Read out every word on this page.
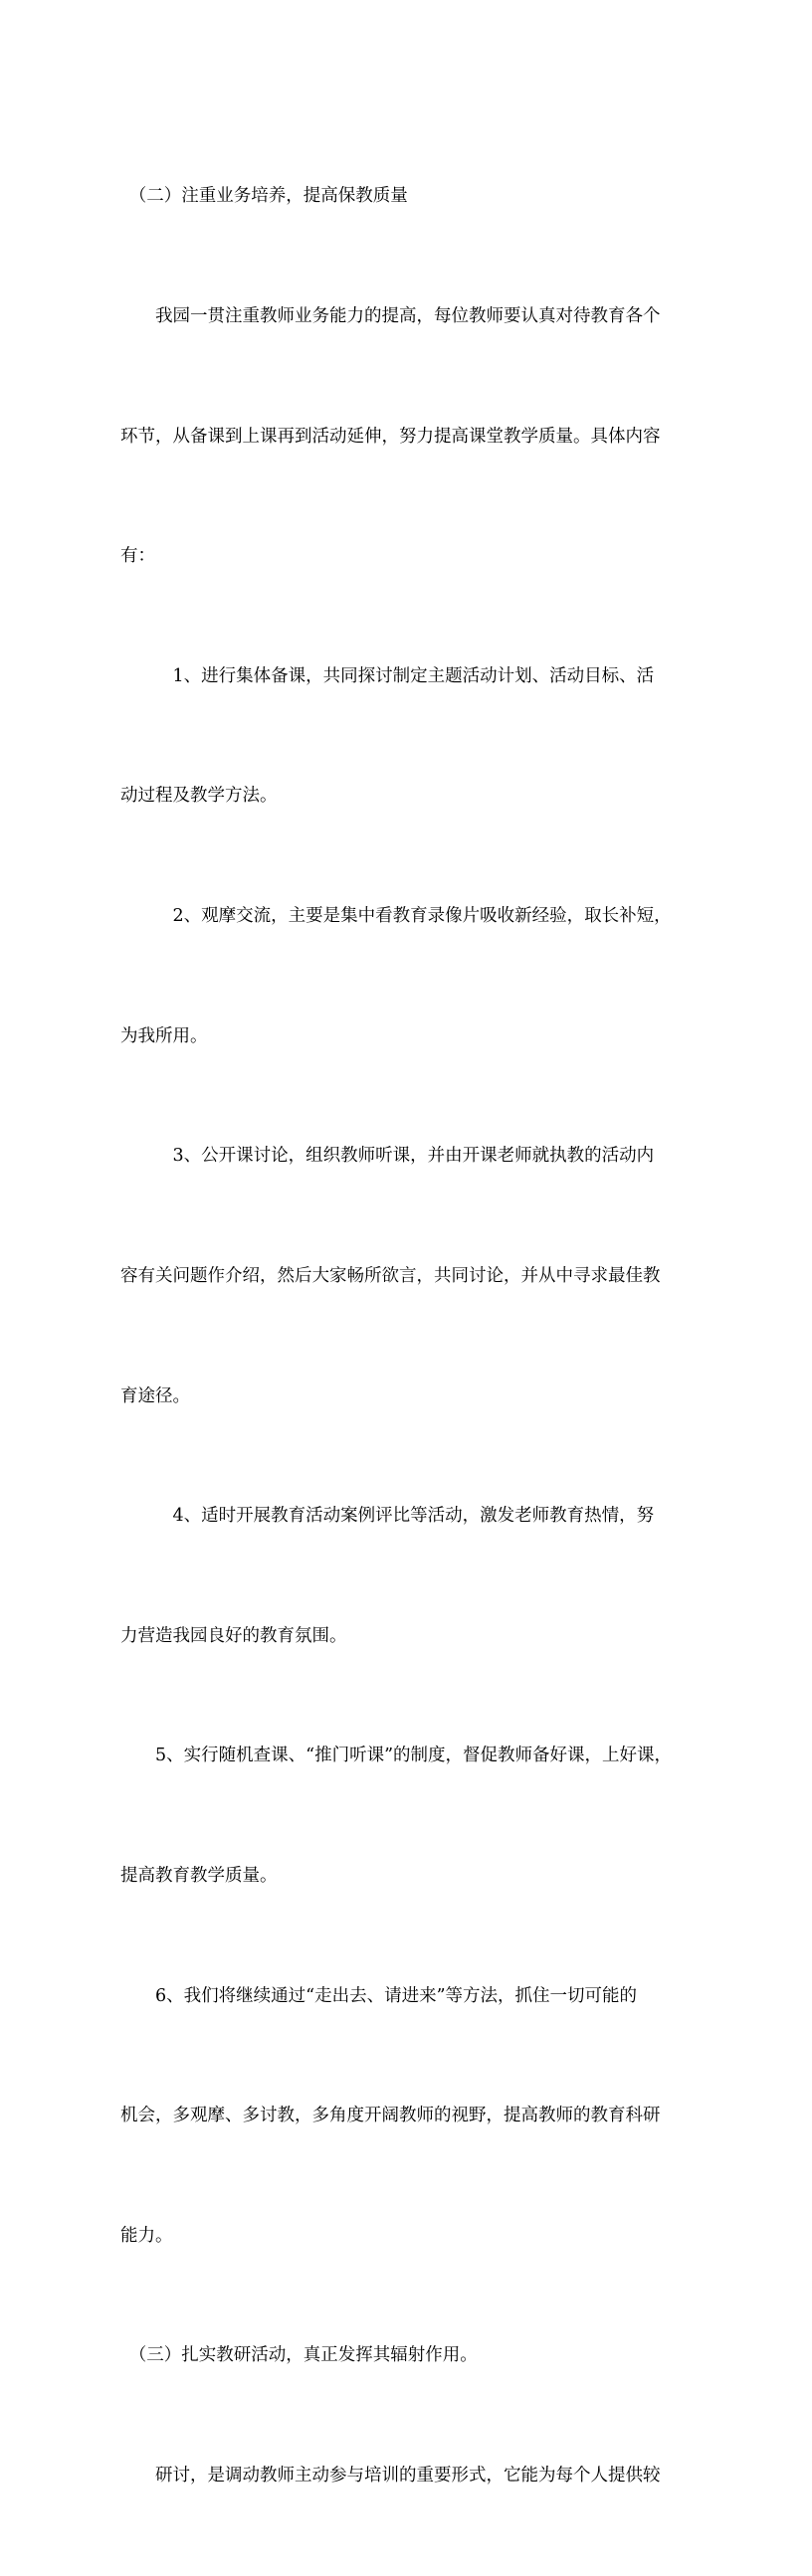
　（二）注重业务培养，提高保教质量

　　我园一贯注重教师业务能力的提高，每位教师要认真对待教育各个

环节，从备课到上课再到活动延伸，努力提高课堂教学质量。具体内容

有：

　　　1、进行集体备课，共同探讨制定主题活动计划、活动目标、活

动过程及教学方法。

　　　2、观摩交流，主要是集中看教育录像片吸收新经验，取长补短，

为我所用。

　　　3、公开课讨论，组织教师听课，并由开课老师就执教的活动内

容有关问题作介绍，然后大家畅所欲言，共同讨论，并从中寻求最佳教

育途径。

　　　4、适时开展教育活动案例评比等活动，激发老师教育热情，努

力营造我园良好的教育氛围。

　　5、实行随机查课、“推门听课”的制度，督促教师备好课，上好课，

提高教育教学质量。

　　6、我们将继续通过“走出去、请进来”等方法，抓住一切可能的

机会，多观摩、多讨教，多角度开阔教师的视野，提高教师的教育科研

能力。

　（三）扎实教研活动，真正发挥其辐射作用。

　　研讨，是调动教师主动参与培训的重要形式，它能为每个人提供较
